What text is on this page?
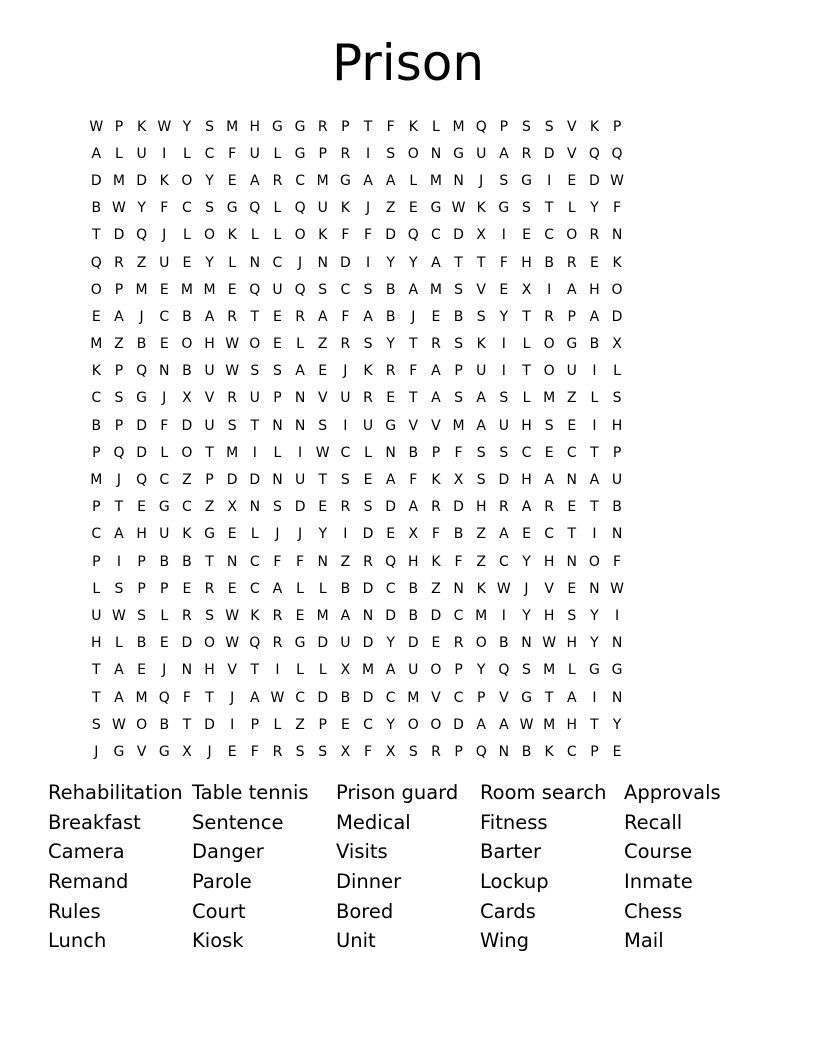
Prison
W P K W Y S M H G G R P	T	F	K	L M Q P S S V K P
A L U	I	L C F U L G P R	I	S O N G U A R D V Q Q
D M D K O Y E A R C M G A A L M N	J	S G	I	E D W
B W Y	F C S G Q L Q U K	J	Z E G W K G S T	L	Y	F
T D Q	J	L O K	L	L O K	F	F D Q C D X	I	E C O R N
Q R Z U E Y	L N C	J	N D	I	Y	Y A T	T	F H B R E K
O P M E M M E Q U Q S C S B A M S V E X	I	A H O
E A	J	C B A R T E R A F A B	J	E B S Y	T R P A D
M Z B E O H W O E	L Z R S Y	T R S K	I	L O G B X
K P Q N B U W S S A E	J	K R F A P U	I	T O U	I	L
C S G	J	X V R U P N V U R E T A S A S	L M Z L	S
B P D F D U S T N N S	I	U G V V M A U H S E	I	H
P Q D L O T M	I	L	I W C L N B P	F	S S C E C T	P
M	J	Q C Z P D D N U T S E A F	K X S D H A N A U
P	T E G C Z X N S D E R S D A R D H R A R E T B
C A H U K G E	L	J	J	Y	I	D E X F B Z A E C T	I	N
P	I	P B B T N C F	F N Z R Q H K	F Z C Y H N O F
L	S P	P E R E C A L	L B D C B Z N K W J	V E N W
U W S	L R S W K R E M A N D B D C M	I	Y H S Y	I
H L B E D O W Q R G D U D Y D E R O B N W H Y N
T A E	J	N H V T	I	L	L X M A U O P	Y Q S M L G G
T A M Q F	T	J	A W C D B D C M V C P V G T A	I	N
S W O B T D	I	P	L Z P E C Y O O D A A W M H T	Y
J	G V G X	J	E	F R S S X F X S R P Q N B K C P E
Rehabilitation Table tennis	Prison guard	Room search Approvals
Breakfast	Sentence	Medical	Fitness	Recall
Camera	Danger	Visits	Barter	Course
Remand	Parole	Dinner	Lockup	Inmate
Rules	Court	Bored	Cards	Chess
Lunch	Kiosk	Unit	Wing	Mail
